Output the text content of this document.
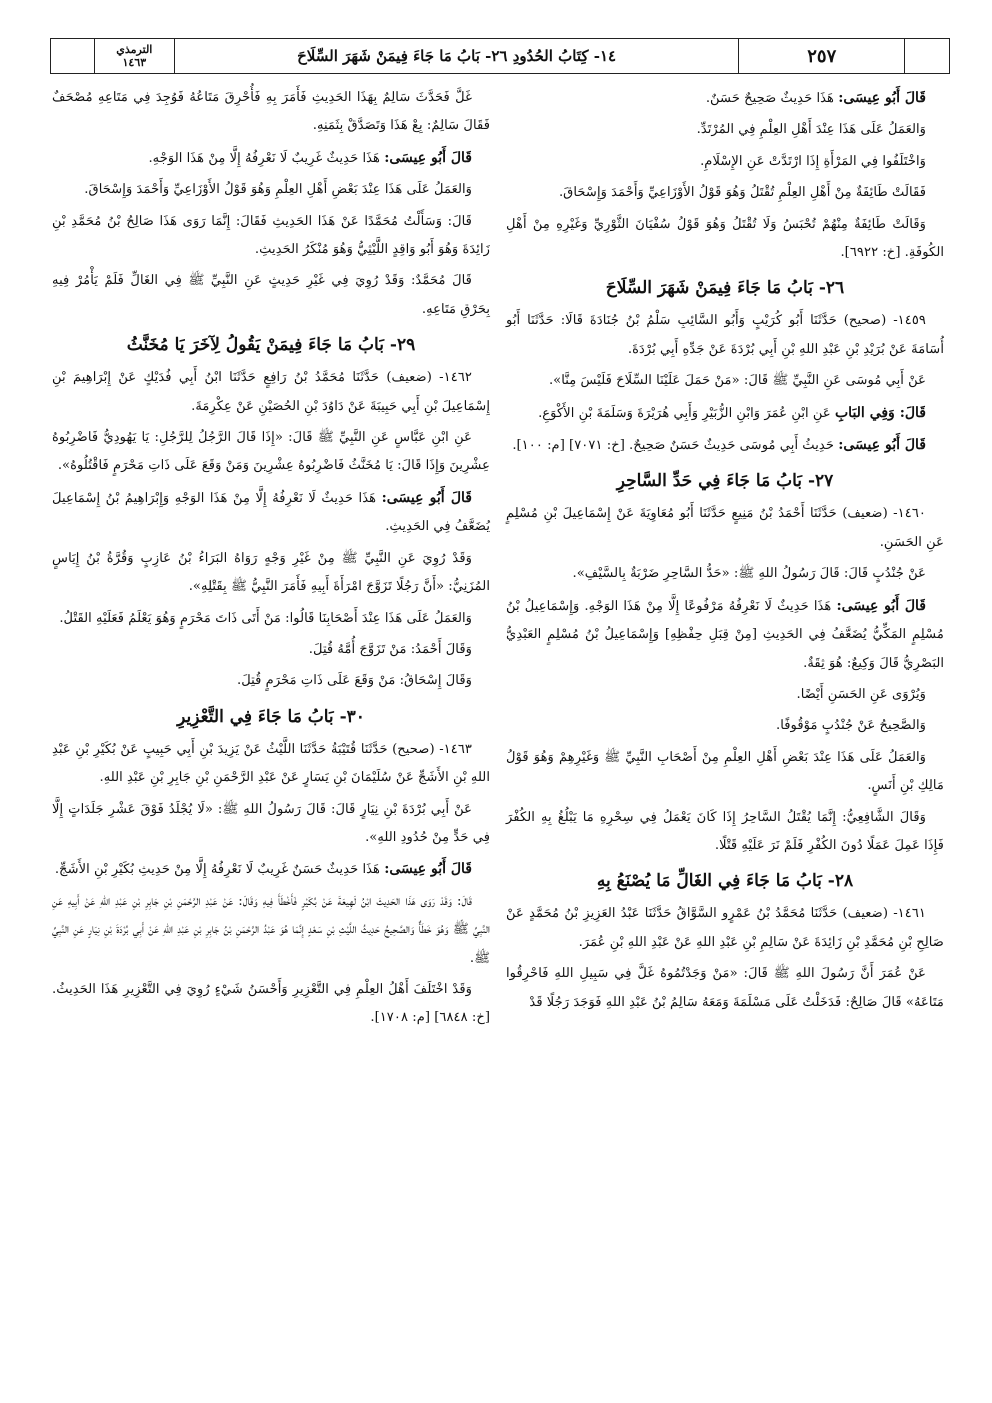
الترمذي
١٤٦٣	١٤- كِتَابُ الحُدُودِ ٢٦- بَابُ مَا جَاءَ فِيمَنْ شَهَرَ السِّلَاحَ	٢٥٧

قَالَ أَبُو عِيسَى: هَذَا حَدِيثٌ صَحِيحٌ حَسَنٌ.

وَالعَمَلُ عَلَى هَذَا عِنْدَ أَهْلِ العِلْمِ فِي المُرْتَدِّ.

وَاخْتَلَفُوا فِي المَرْأَةِ إِذَا ارْتَدَّتْ عَنِ الإِسْلَامِ.

فَقَالَتْ طَائِفَةٌ مِنْ أَهْلِ العِلْمِ تُقْتَلُ وَهُوَ قَوْلُ الأَوْزَاعِيِّ وَأَحْمَدَ وَإِسْحَاقَ.

وَقَالَتْ طَائِفَةٌ مِنْهُمْ تُحْبَسُ وَلَا تُقْتَلُ وَهُوَ قَوْلُ سُفْيَانَ الثَّوْرِيِّ وَغَيْرِهِ مِنْ أَهْلِ الكُوفَةِ. [خ: ٦٩٢٢].

٢٦- بَابُ مَا جَاءَ فِيمَنْ شَهَرَ السِّلَاحَ

١٤٥٩- (صحيح) حَدَّثَنَا أَبُو كُرَيْبٍ وَأَبُو السَّائِبِ سَلْمُ بْنُ جُنَادَةَ قَالَا: حَدَّثَنَا أَبُو أُسَامَةَ عَنْ بُرَيْدِ بْنِ عَبْدِ اللهِ بْنِ أَبِي بُرْدَةَ عَنْ جَدِّهِ أَبِي بُرْدَةَ.

عَنْ أَبِي مُوسَى عَنِ النَّبِيِّ ﷺ قَالَ: «مَنْ حَمَلَ عَلَيْنَا السِّلَاحَ فَلَيْسَ مِنَّا».

قَالَ: وَفِي البَابِ عَنِ ابْنِ عُمَرَ وَابْنِ الزُّبَيْرِ وَأَبِي هُرَيْرَةَ وَسَلَمَةَ بْنِ الأَكْوَعِ.

قَالَ أَبُو عِيسَى: حَدِيثُ أَبِي مُوسَى حَدِيثٌ حَسَنٌ صَحِيحٌ. [خ: ٧٠٧١] [م: ١٠٠].

٢٧- بَابُ مَا جَاءَ فِي حَدِّ السَّاحِرِ

١٤٦٠- (ضعيف) حَدَّثَنَا أَحْمَدُ بْنُ مَنِيعٍ حَدَّثَنَا أَبُو مُعَاوِيَةَ عَنْ إِسْمَاعِيلَ بْنِ مُسْلِمٍ عَنِ الحَسَنِ.

عَنْ جُنْدُبٍ قَالَ: قَالَ رَسُولُ اللهِ ﷺ: «حَدُّ السَّاحِرِ ضَرْبَةٌ بِالسَّيْفِ».

قَالَ أَبُو عِيسَى: هَذَا حَدِيثٌ لَا نَعْرِفُهُ مَرْفُوعًا إِلَّا مِنْ هَذَا الوَجْهِ. وَإِسْمَاعِيلُ بْنُ مُسْلِمٍ المَكِّيُّ يُضَعَّفُ فِي الحَدِيثِ [مِنْ قِبَلِ حِفْظِهِ] وَإِسْمَاعِيلُ بْنُ مُسْلِمٍ العَبْدِيُّ البَصْرِيُّ قَالَ وَكِيعٌ: هُوَ ثِقَةٌ.

وَيُرْوَى عَنِ الحَسَنِ أَيْضًا.

وَالصَّحِيحُ عَنْ جُنْدُبٍ مَوْقُوفًا.

وَالعَمَلُ عَلَى هَذَا عِنْدَ بَعْضِ أَهْلِ العِلْمِ مِنْ أَصْحَابِ النَّبِيِّ ﷺ وَغَيْرِهِمْ وَهُوَ قَوْلُ مَالِكِ بْنِ أَنَسٍ.

وَقَالَ الشَّافِعِيُّ: إِنَّمَا يُقْتَلُ السَّاحِرُ إِذَا كَانَ يَعْمَلُ فِي سِحْرِهِ مَا يَبْلُغُ بِهِ الكُفْرَ فَإِذَا عَمِلَ عَمَلًا دُونَ الكُفْرِ فَلَمْ نَرَ عَلَيْهِ قَتْلًا.

٢٨- بَابُ مَا جَاءَ فِي الغَالِّ مَا يُصْنَعُ بِهِ

١٤٦١- (ضعيف) حَدَّثَنَا مُحَمَّدُ بْنُ عَمْرٍو السَّوَّاقُ حَدَّثَنَا عَبْدُ العَزِيزِ بْنُ مُحَمَّدٍ عَنْ صَالِحِ بْنِ مُحَمَّدِ بْنِ زَائِدَةَ عَنْ سَالِمِ بْنِ عَبْدِ اللهِ عَنْ عَبْدِ اللهِ بْنِ عُمَرَ.

عَنْ عُمَرَ أَنَّ رَسُولَ اللهِ ﷺ قَالَ: «مَنْ وَجَدْتُمُوهُ غَلَّ فِي سَبِيلِ اللهِ فَاحْرِقُوا مَتَاعَهُ» قَالَ صَالِحٌ: فَدَخَلْتُ عَلَى مَسْلَمَةَ وَمَعَهُ سَالِمُ بْنُ عَبْدِ اللهِ فَوَجَدَ رَجُلًا قَدْ

غَلَّ فَحَدَّثَ سَالِمٌ بِهَذَا الحَدِيثِ فَأَمَرَ بِهِ فَأُحْرِقَ مَتَاعُهُ فَوُجِدَ فِي مَتَاعِهِ مُصْحَفٌ فَقَالَ سَالِمٌ: بِعْ هَذَا وَتَصَدَّقْ بِثَمَنِهِ.

قَالَ أَبُو عِيسَى: هَذَا حَدِيثٌ غَرِيبٌ لَا نَعْرِفُهُ إِلَّا مِنْ هَذَا الوَجْهِ.

وَالعَمَلُ عَلَى هَذَا عِنْدَ بَعْضِ أَهْلِ العِلْمِ وَهُوَ قَوْلُ الأَوْزَاعِيِّ وَأَحْمَدَ وَإِسْحَاقَ.

قَالَ: وَسَأَلْتُ مُحَمَّدًا عَنْ هَذَا الحَدِيثِ فَقَالَ: إِنَّمَا رَوَى هَذَا صَالِحُ بْنُ مُحَمَّدِ بْنِ زَائِدَةَ وَهُوَ أَبُو وَاقِدٍ اللَّيْثِيُّ وَهُوَ مُنْكَرُ الحَدِيثِ.

قَالَ مُحَمَّدٌ: وَقَدْ رُوِيَ فِي غَيْرِ حَدِيثٍ عَنِ النَّبِيِّ ﷺ فِي الغَالِّ فَلَمْ يَأْمُرْ فِيهِ بِحَرْقِ مَتَاعِهِ.

٢٩- بَابُ مَا جَاءَ فِيمَنْ يَقُولُ لِآخَرَ يَا مُخَنَّثُ

١٤٦٢- (ضعيف) حَدَّثَنَا مُحَمَّدُ بْنُ رَافِعٍ حَدَّثَنَا ابْنُ أَبِي فُدَيْكٍ عَنْ إِبْرَاهِيمَ بْنِ إِسْمَاعِيلَ بْنِ أَبِي حَبِيبَةَ عَنْ دَاوُدَ بْنِ الحُصَيْنِ عَنْ عِكْرِمَةَ.

عَنِ ابْنِ عَبَّاسٍ عَنِ النَّبِيِّ ﷺ قَالَ: «إِذَا قَالَ الرَّجُلُ لِلرَّجُلِ: يَا يَهُودِيُّ فَاضْرِبُوهُ عِشْرِينَ وَإِذَا قَالَ: يَا مُخَنَّثُ فَاضْرِبُوهُ عِشْرِينَ وَمَنْ وَقَعَ عَلَى ذَاتِ مَحْرَمٍ فَاقْتُلُوهُ».

قَالَ أَبُو عِيسَى: هَذَا حَدِيثٌ لَا نَعْرِفُهُ إِلَّا مِنْ هَذَا الوَجْهِ وَإِبْرَاهِيمُ بْنُ إِسْمَاعِيلَ يُضَعَّفُ فِي الحَدِيثِ.

وَقَدْ رُوِيَ عَنِ النَّبِيِّ ﷺ مِنْ غَيْرِ وَجْهٍ رَوَاهُ البَرَاءُ بْنُ عَازِبٍ وَقُرَّةُ بْنُ إِيَاسٍ المُزَنِيُّ: «أَنَّ رَجُلًا تَزَوَّجَ امْرَأَةَ أَبِيهِ فَأَمَرَ النَّبِيُّ ﷺ بِقَتْلِهِ».

وَالعَمَلُ عَلَى هَذَا عِنْدَ أَصْحَابِنَا قَالُوا: مَنْ أَتَى ذَاتَ مَحْرَمٍ وَهُوَ يَعْلَمُ فَعَلَيْهِ القَتْلُ.

وَقَالَ أَحْمَدُ: مَنْ تَزَوَّجَ أُمَّهُ قُتِلَ.

وَقَالَ إِسْحَاقُ: مَنْ وَقَعَ عَلَى ذَاتِ مَحْرَمٍ قُتِلَ.

٣٠- بَابُ مَا جَاءَ فِي التَّعْزِيرِ

١٤٦٣- (صحيح) حَدَّثَنَا قُتَيْبَةُ حَدَّثَنَا اللَّيْثُ عَنْ يَزِيدَ بْنِ أَبِي حَبِيبٍ عَنْ بُكَيْرِ بْنِ عَبْدِ اللهِ بْنِ الأَشَجِّ عَنْ سُلَيْمَانَ بْنِ يَسَارٍ عَنْ عَبْدِ الرَّحْمَنِ بْنِ جَابِرِ بْنِ عَبْدِ اللهِ.

عَنْ أَبِي بُرْدَةَ بْنِ نِيَارٍ قَالَ: قَالَ رَسُولُ اللهِ ﷺ: «لَا يُجْلَدُ فَوْقَ عَشْرِ جَلَدَاتٍ إِلَّا فِي حَدٍّ مِنْ حُدُودِ اللهِ».

قَالَ أَبُو عِيسَى: هَذَا حَدِيثٌ حَسَنٌ غَرِيبٌ لَا نَعْرِفُهُ إِلَّا مِنْ حَدِيثِ بُكَيْرِ بْنِ الأَشَجِّ.

قَالَ: وَقَدْ رَوَى هَذَا الحَدِيثَ ابْنُ لَهِيعَةَ عَنْ بُكَيْرٍ فَأَخْطَأَ فِيهِ وَقَالَ: عَنْ عَبْدِ الرَّحْمَنِ بْنِ جَابِرِ بْنِ عَبْدِ اللهِ عَنْ أَبِيهِ عَنِ النَّبِيِّ ﷺ وَهُوَ خَطَأٌ وَالصَّحِيحُ حَدِيثُ اللَّيْثِ بْنِ سَعْدٍ إِنَّمَا هُوَ عَبْدُ الرَّحْمَنِ بْنُ جَابِرِ بْنِ عَبْدِ اللهِ عَنْ أَبِي بُرْدَةَ بْنِ نِيَارٍ عَنِ النَّبِيِّ ﷺ.

وَقَدْ اخْتَلَفَ أَهْلُ العِلْمِ فِي التَّعْزِيرِ وَأَحْسَنُ شَيْءٍ رُوِيَ فِي التَّعْزِيرِ هَذَا الحَدِيثُ. [خ: ٦٨٤٨] [م: ١٧٠٨].
